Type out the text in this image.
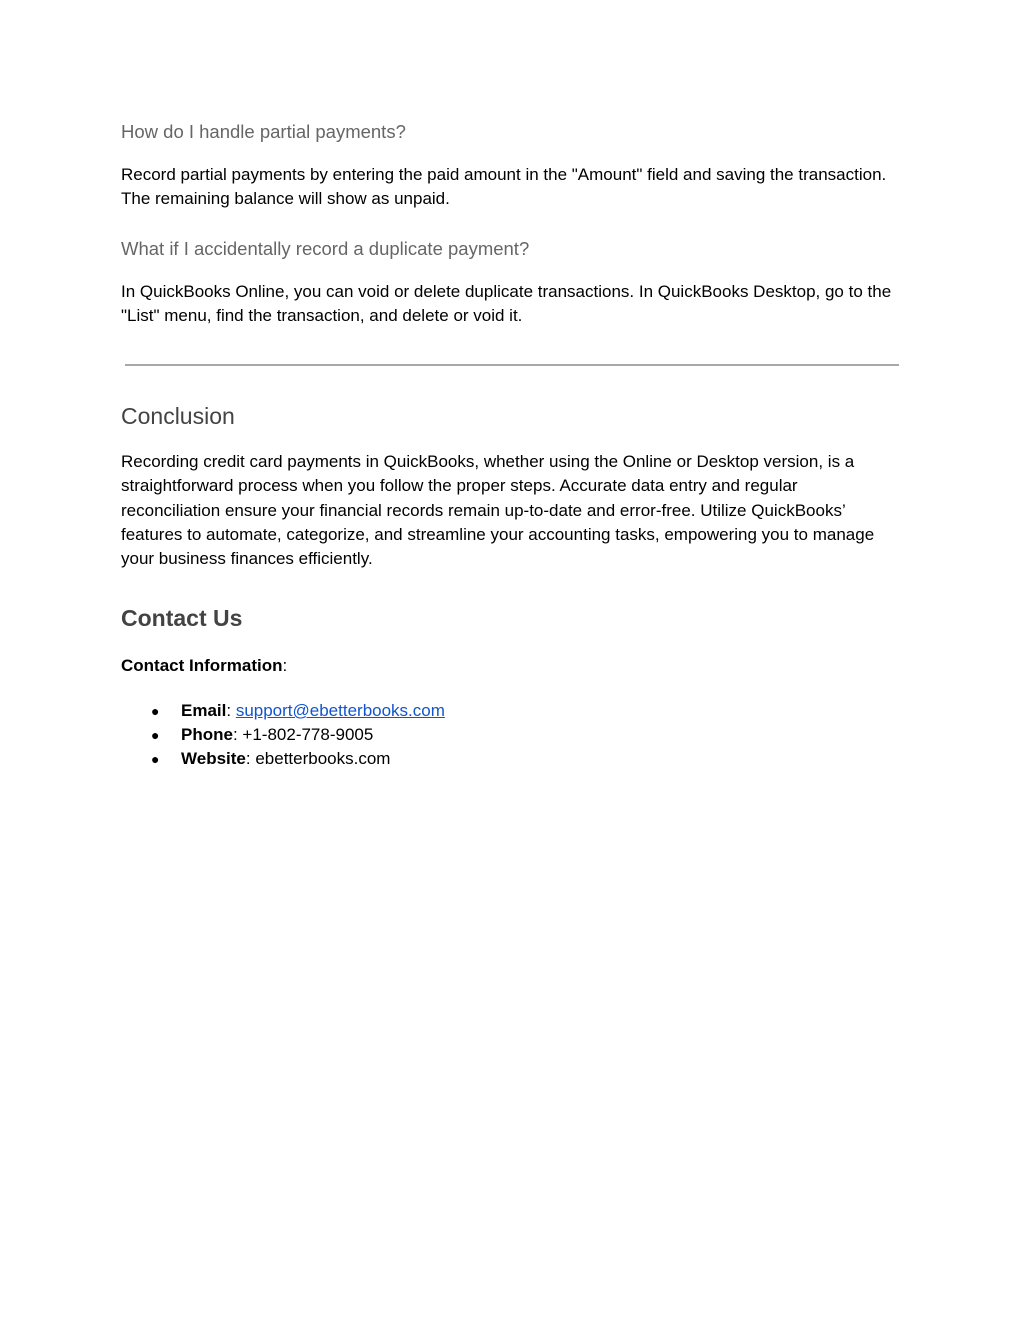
How do I handle partial payments?

Record partial payments by entering the paid amount in the "Amount" field and saving the transaction. The remaining balance will show as unpaid.

What if I accidentally record a duplicate payment?

In QuickBooks Online, you can void or delete duplicate transactions. In QuickBooks Desktop, go to the "List" menu, find the transaction, and delete or void it.

Conclusion

Recording credit card payments in QuickBooks, whether using the Online or Desktop version, is a straightforward process when you follow the proper steps. Accurate data entry and regular reconciliation ensure your financial records remain up-to-date and error-free. Utilize QuickBooks’ features to automate, categorize, and streamline your accounting tasks, empowering you to manage your business finances efficiently.

Contact Us

Contact Information:

● Email: support@ebetterbooks.com
● Phone: +1-802-778-9005
● Website: ebetterbooks.com
